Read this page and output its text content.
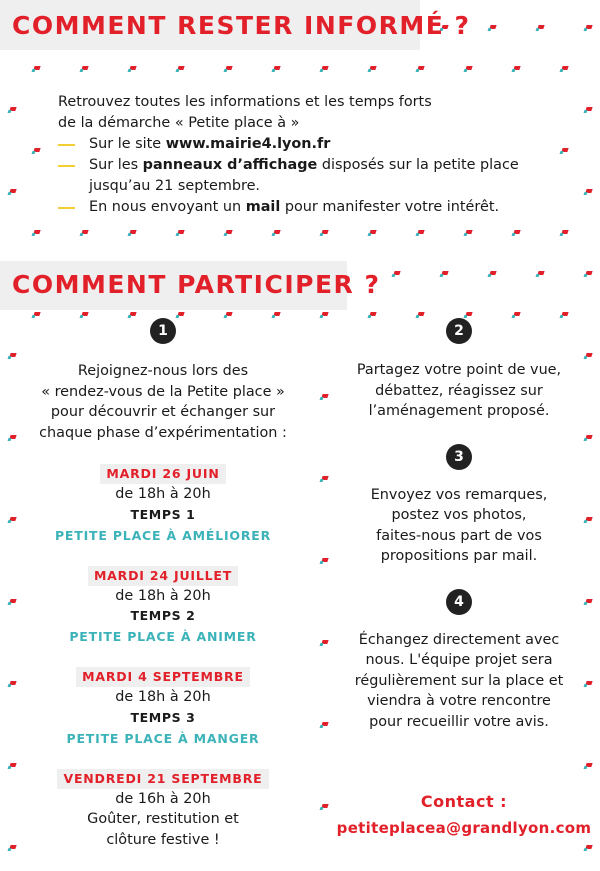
COMMENT RESTER INFORMÉ ?

Retrouvez toutes les informations et les temps forts

de la démarche « Petite place à »

Sur le site www.mairie4.lyon.fr
Sur les panneaux d’affichage disposés sur la petite place jusqu’au 21 septembre.
En nous envoyant un mail pour manifester votre intérêt.
COMMENT PARTICIPER ?
1

Rejoignez-nous lors des

« rendez-vous de la Petite place »

pour découvrir et échanger sur

chaque phase d’expérimentation :

MARDI 26 JUIN
de 18h à 20h
TEMPS 1
PETITE PLACE À AMÉLIORER
MARDI 24 JUILLET
de 18h à 20h
TEMPS 2
PETITE PLACE À ANIMER
MARDI 4 SEPTEMBRE
de 18h à 20h
TEMPS 3
PETITE PLACE À MANGER
VENDREDI 21 SEPTEMBRE
de 16h à 20h
Goûter, restitution et
clôture festive !
2

Partagez votre point de vue,

débattez, réagissez sur

l’aménagement proposé.

3

Envoyez vos remarques,

postez vos photos,

faites-nous part de vos

propositions par mail.

4

Échangez directement avec

nous. L'équipe projet sera

régulièrement sur la place et

viendra à votre rencontre

pour recueillir votre avis.

Contact :
petiteplacea@grandlyon.com
